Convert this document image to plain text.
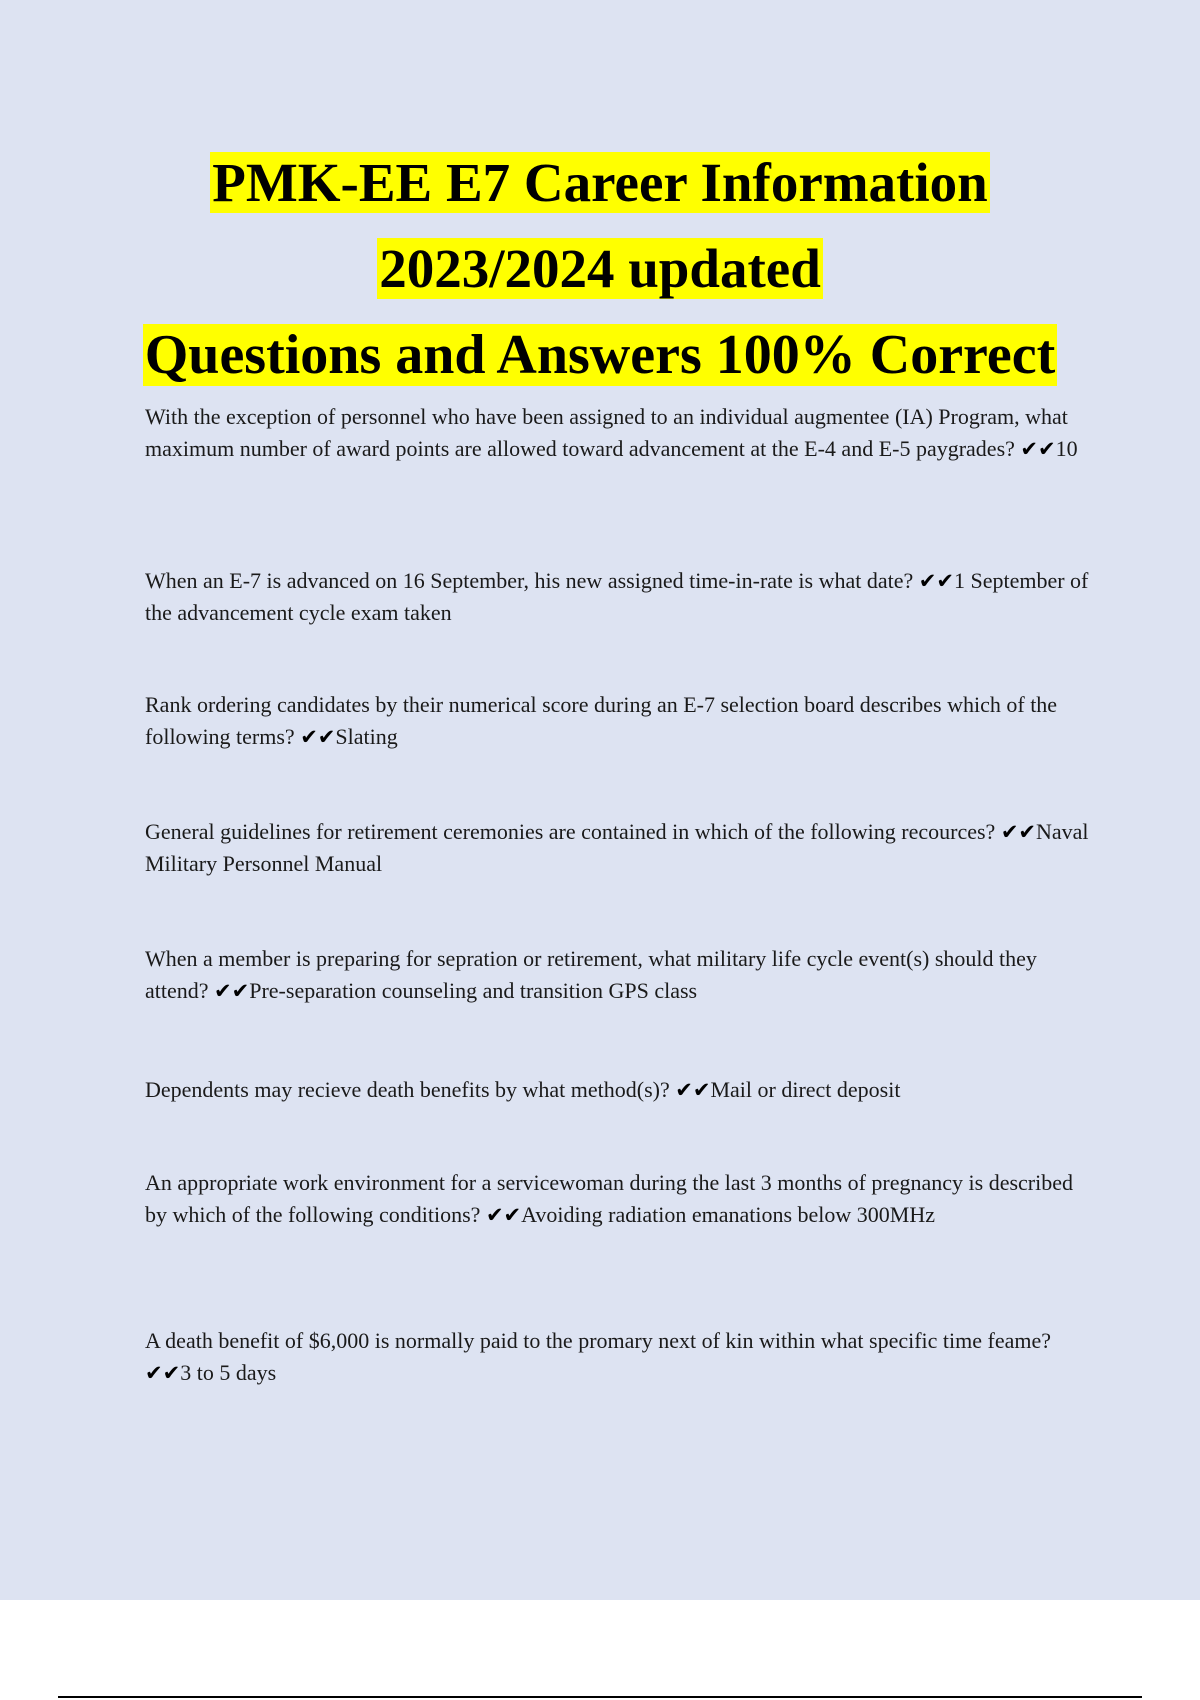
PMK-EE E7 Career Information
2023/2024 updated
Questions and Answers 100% Correct
With the exception of personnel who have been assigned to an individual augmentee (IA) Program, what maximum number of award points are allowed toward advancement at the E-4 and E-5 paygrades? ✔✔10
When an E-7 is advanced on 16 September, his new assigned time-in-rate is what date? ✔✔1 September of the advancement cycle exam taken
Rank ordering candidates by their numerical score during an E-7 selection board describes which of the following terms? ✔✔Slating
General guidelines for retirement ceremonies are contained in which of the following recources? ✔✔Naval Military Personnel Manual
When a member is preparing for sepration or retirement, what military life cycle event(s) should they attend? ✔✔Pre-separation counseling and transition GPS class
Dependents may recieve death benefits by what method(s)? ✔✔Mail or direct deposit
An appropriate work environment for a servicewoman during the last 3 months of pregnancy is described by which of the following conditions? ✔✔Avoiding radiation emanations below 300MHz
A death benefit of $6,000 is normally paid to the promary next of kin within what specific time feame? ✔✔3 to 5 days
